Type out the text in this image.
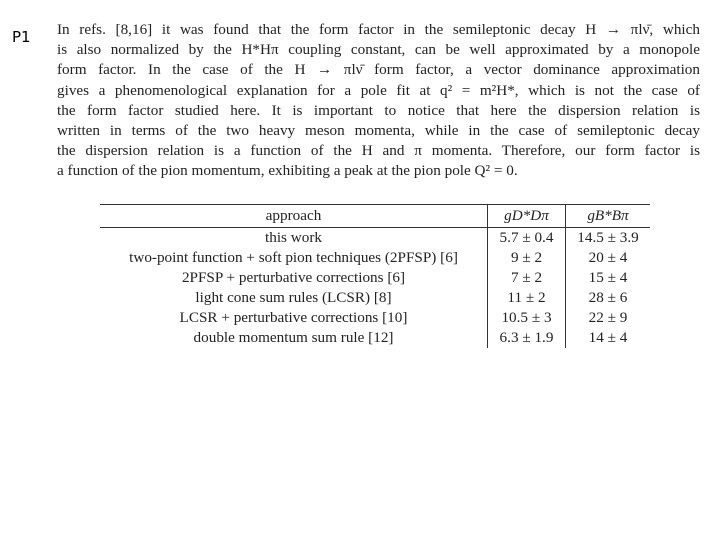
P1 In refs. [8,16] it was found that the form factor in the semileptonic decay H → πlν̄, which
is also normalized by the H*Hπ coupling constant, can be well approximated by a monopole
form factor. In the case of the H → πlν̄ form factor, a vector dominance approximation
gives a phenomenological explanation for a pole fit at q² = m²H*, which is not the case of
the form factor studied here. It is important to notice that here the dispersion relation is
written in terms of the two heavy meson momenta, while in the case of semileptonic decay
the dispersion relation is a function of the H and π momenta. Therefore, our form factor is
a function of the pion momentum, exhibiting a peak at the pion pole Q² = 0.
approach	gD*Dπ	gB*Bπ
this work	5.7 ± 0.4	14.5 ± 3.9
two-point function + soft pion techniques (2PFSP) [6]	9 ± 2	20 ± 4
2PFSP + perturbative corrections [6]	7 ± 2	15 ± 4
light cone sum rules (LCSR) [8]	11 ± 2	28 ± 6
LCSR + perturbative corrections [10]	10.5 ± 3	22 ± 9
double momentum sum rule [12]	6.3 ± 1.9	14 ± 4
